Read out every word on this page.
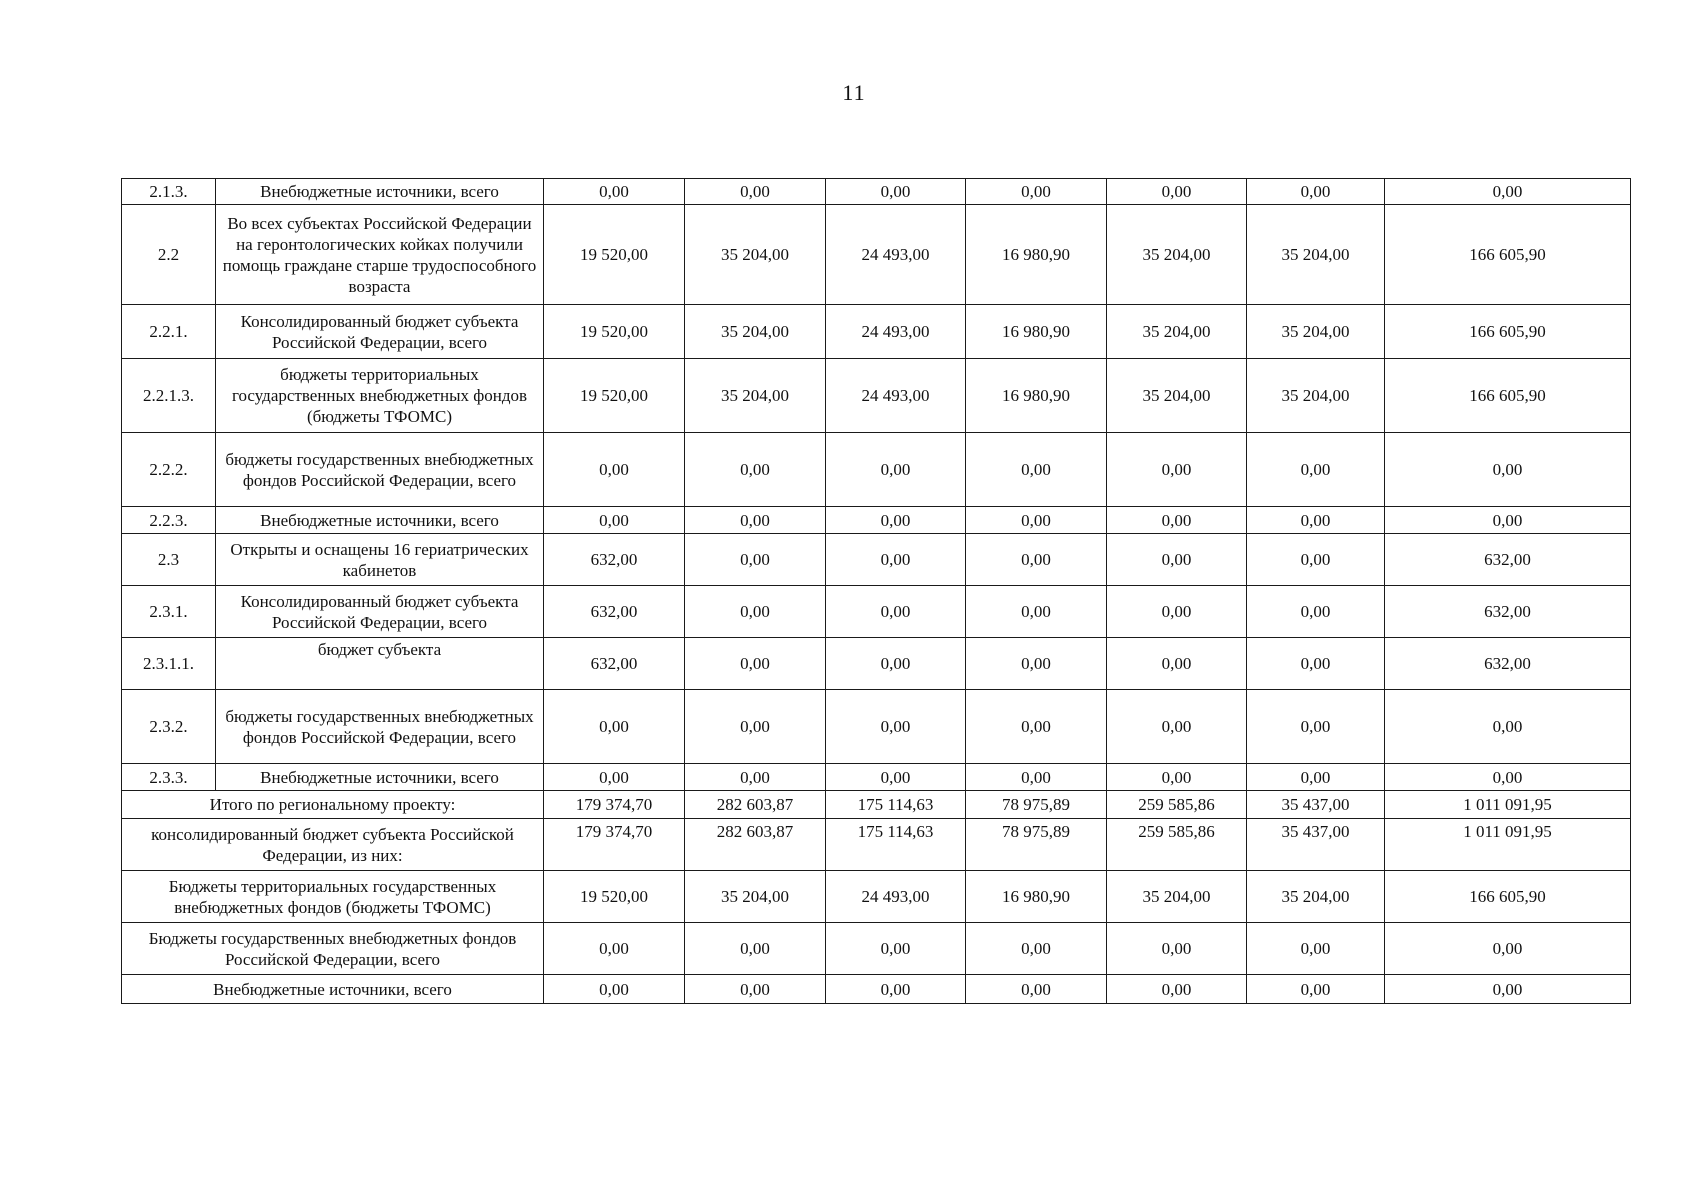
11
2.1.3.	Внебюджетные источники, всего	0,00	0,00	0,00	0,00	0,00	0,00	0,00
2.2	Во всех субъектах Российской Федерации на геронтологических койках получили помощь граждане старше трудоспособного возраста	19 520,00	35 204,00	24 493,00	16 980,90	35 204,00	35 204,00	166 605,90
2.2.1.	Консолидированный бюджет субъекта Российской Федерации, всего	19 520,00	35 204,00	24 493,00	16 980,90	35 204,00	35 204,00	166 605,90
2.2.1.3.	бюджеты территориальных государственных внебюджетных фондов (бюджеты ТФОМС)	19 520,00	35 204,00	24 493,00	16 980,90	35 204,00	35 204,00	166 605,90
2.2.2.	бюджеты государственных внебюджетных фондов Российской Федерации, всего	0,00	0,00	0,00	0,00	0,00	0,00	0,00
2.2.3.	Внебюджетные источники, всего	0,00	0,00	0,00	0,00	0,00	0,00	0,00
2.3	Открыты и оснащены 16 гериатрических кабинетов	632,00	0,00	0,00	0,00	0,00	0,00	632,00
2.3.1.	Консолидированный бюджет субъекта Российской Федерации, всего	632,00	0,00	0,00	0,00	0,00	0,00	632,00
2.3.1.1.	бюджет субъекта	632,00	0,00	0,00	0,00	0,00	0,00	632,00
2.3.2.	бюджеты государственных внебюджетных фондов Российской Федерации, всего	0,00	0,00	0,00	0,00	0,00	0,00	0,00
2.3.3.	Внебюджетные источники, всего	0,00	0,00	0,00	0,00	0,00	0,00	0,00
Итого по региональному проекту:		179 374,70	282 603,87	175 114,63	78 975,89	259 585,86	35 437,00	1 011 091,95
консолидированный бюджет субъекта Российской Федерации, из них:		179 374,70	282 603,87	175 114,63	78 975,89	259 585,86	35 437,00	1 011 091,95
Бюджеты территориальных государственных внебюджетных фондов (бюджеты ТФОМС)		19 520,00	35 204,00	24 493,00	16 980,90	35 204,00	35 204,00	166 605,90
Бюджеты государственных внебюджетных фондов Российской Федерации, всего		0,00	0,00	0,00	0,00	0,00	0,00	0,00
Внебюджетные источники, всего		0,00	0,00	0,00	0,00	0,00	0,00	0,00
